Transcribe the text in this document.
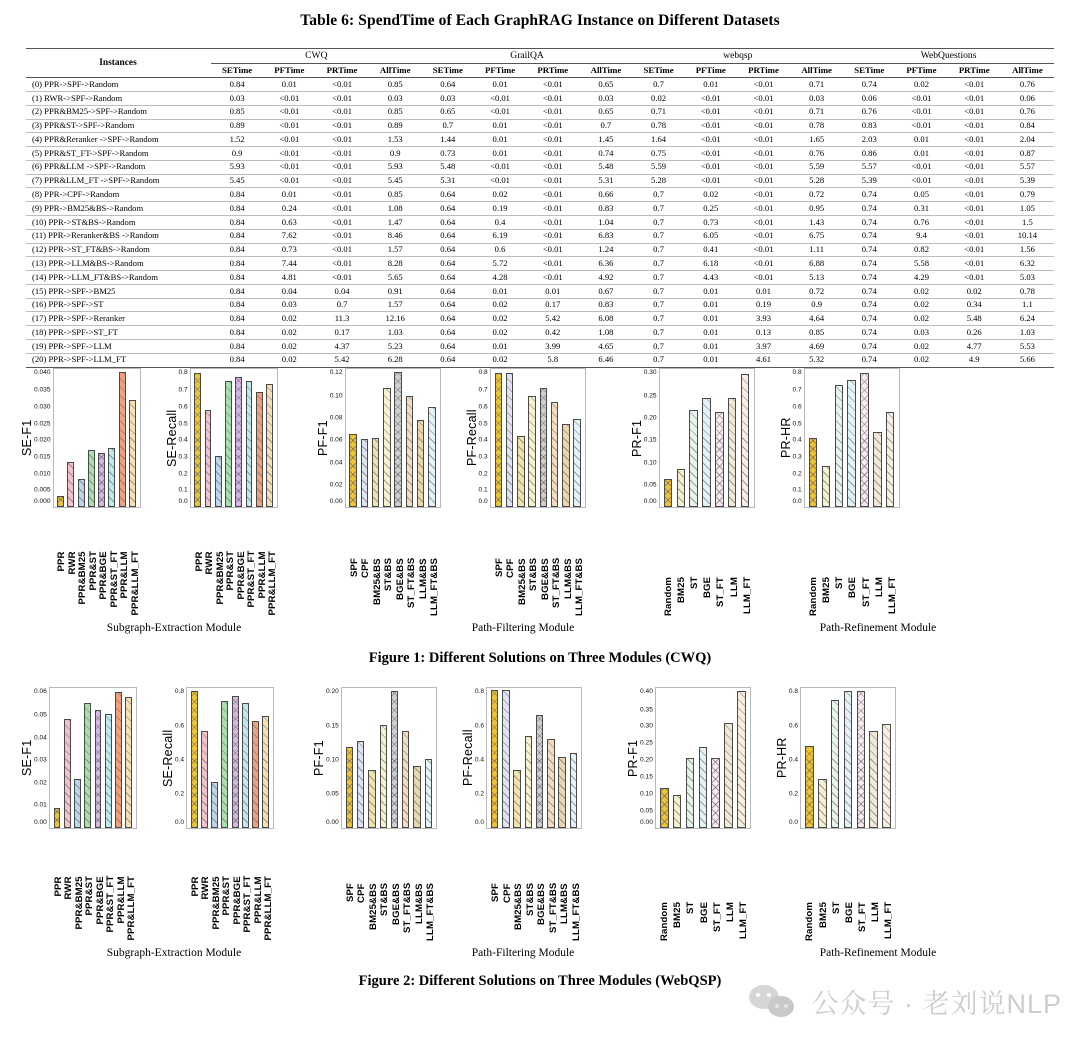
Table 6: SpendTime of Each GraphRAG Instance on Different Datasets
Instances	CWQ				GrailQA				webqsp				WebQuestions			
	SETime	PFTime	PRTime	AllTime	SETime	PFTime	PRTime	AllTime	SETime	PFTime	PRTime	AllTime	SETime	PFTime	PRTime	AllTime
(0) PPR->SPF->Random	0.84	0.01	<0.01	0.85	0.64	0.01	<0.01	0.65	0.7	0.01	<0.01	0.71	0.74	0.02	<0.01	0.76
(1) RWR->SPF->Random	0.03	<0.01	<0.01	0.03	0.03	<0.01	<0.01	0.03	0.02	<0.01	<0.01	0.03	0.06	<0.01	<0.01	0.06
(2) PPR&BM25->SPF->Random	0.85	<0.01	<0.01	0.85	0.65	<0.01	<0.01	0.65	0.71	<0.01	<0.01	0.71	0.76	<0.01	<0.01	0.76
(3) PPR&ST->SPF->Random	0.89	<0.01	<0.01	0.89	0.7	0.01	<0.01	0.7	0.78	<0.01	<0.01	0.78	0.83	<0.01	<0.01	0.84
(4) PPR&Reranker ->SPF->Random	1.52	<0.01	<0.01	1.53	1.44	0.01	<0.01	1.45	1.64	<0.01	<0.01	1.65	2.03	0.01	<0.01	2.04
(5) PPR&ST_FT->SPF->Random	0.9	<0.01	<0.01	0.9	0.73	0.01	<0.01	0.74	0.75	<0.01	<0.01	0.76	0.86	0.01	<0.01	0.87
(6) PPR&LLM ->SPF->Random	5.93	<0.01	<0.01	5.93	5.48	<0.01	<0.01	5.48	5.59	<0.01	<0.01	5.59	5.57	<0.01	<0.01	5.57
(7) PPR&LLM_FT ->SPF->Random	5.45	<0.01	<0.01	5.45	5.31	<0.01	<0.01	5.31	5.28	<0.01	<0.01	5.28	5.39	<0.01	<0.01	5.39
(8) PPR->CPF->Random	0.84	0.01	<0.01	0.85	0.64	0.02	<0.01	0.66	0.7	0.02	<0.01	0.72	0.74	0.05	<0.01	0.79
(9) PPR->BM25&BS->Random	0.84	0.24	<0.01	1.08	0.64	0.19	<0.01	0.83	0.7	0.25	<0.01	0.95	0.74	0.31	<0.01	1.05
(10) PPR->ST&BS->Random	0.84	0.63	<0.01	1.47	0.64	0.4	<0.01	1.04	0.7	0.73	<0.01	1.43	0.74	0.76	<0.01	1.5
(11) PPR->Reranker&BS ->Random	0.84	7.62	<0.01	8.46	0.64	6.19	<0.01	6.83	0.7	6.05	<0.01	6.75	0.74	9.4	<0.01	10.14
(12) PPR->ST_FT&BS->Random	0.84	0.73	<0.01	1.57	0.64	0.6	<0.01	1.24	0.7	0.41	<0.01	1.11	0.74	0.82	<0.01	1.56
(13) PPR->LLM&BS->Random	0.84	7.44	<0.01	8.28	0.64	5.72	<0.01	6.36	0.7	6.18	<0.01	6.88	0.74	5.58	<0.01	6.32
(14) PPR->LLM_FT&BS->Random	0.84	4.81	<0.01	5.65	0.64	4.28	<0.01	4.92	0.7	4.43	<0.01	5.13	0.74	4.29	<0.01	5.03
(15) PPR->SPF->BM25	0.84	0.04	0.04	0.91	0.64	0.01	0.01	0.67	0.7	0.01	0.01	0.72	0.74	0.02	0.02	0.78
(16) PPR->SPF->ST	0.84	0.03	0.7	1.57	0.64	0.02	0.17	0.83	0.7	0.01	0.19	0.9	0.74	0.02	0.34	1.1
(17) PPR->SPF->Reranker	0.84	0.02	11.3	12.16	0.64	0.02	5.42	6.08	0.7	0.01	3.93	4.64	0.74	0.02	5.48	6.24
(18) PPR->SPF->ST_FT	0.84	0.02	0.17	1.03	0.64	0.02	0.42	1.08	0.7	0.01	0.13	0.85	0.74	0.03	0.26	1.03
(19) PPR->SPF->LLM	0.84	0.02	4.37	5.23	0.64	0.01	3.99	4.65	0.7	0.01	3.97	4.69	0.74	0.02	4.77	5.53
(20) PPR->SPF->LLM_FT	0.84	0.02	5.42	6.28	0.64	0.02	5.8	6.46	0.7	0.01	4.61	5.32	0.74	0.02	4.9	5.66
SE-F1
0.040
0.035
0.030
0.025
0.020
0.015
0.010
0.005
0.000
PPR RWR PPR&BM25 PPR&ST PPR&BGE PPR&ST_FT PPR&LLM PPR&LLM_FT
SE-Recall
0.8
0.7
0.6
0.5
0.4
0.3
0.2
0.1
0.0
PPR RWR PPR&BM25 PPR&ST PPR&BGE PPR&ST_FT PPR&LLM PPR&LLM_FT
PF-F1
0.12
0.10
0.08
0.06
0.04
0.02
0.00
SPF CPF BM25&BS ST&BS BGE&BS ST_FT&BS LLM&BS LLM_FT&BS
PF-Recall
0.8
0.7
0.6
0.5
0.4
0.3
0.2
0.1
0.0
SPF CPF BM25&BS ST&BS BGE&BS ST_FT&BS LLM&BS LLM_FT&BS
PR-F1
0.30
0.25
0.20
0.15
0.10
0.05
0.00
Random BM25 ST BGE ST_FT LLM LLM_FT
PR-HR
0.8
0.7
0.6
0.5
0.4
0.3
0.2
0.1
0.0
Random BM25 ST BGE ST_FT LLM LLM_FT
Subgraph-Extraction Module	Path-Filtering Module	Path-Refinement Module
Figure 1: Different Solutions on Three Modules (CWQ)
SE-F1
0.06
0.05
0.04
0.03
0.02
0.01
0.00
PPR RWR PPR&BM25 PPR&ST PPR&BGE PPR&ST_FT PPR&LLM PPR&LLM_FT
SE-Recall
0.8
0.6
0.4
0.2
0.0
PPR RWR PPR&BM25 PPR&ST PPR&BGE PPR&ST_FT PPR&LLM PPR&LLM_FT
PF-F1
0.20
0.15
0.10
0.05
0.00
SPF CPF BM25&BS ST&BS BGE&BS ST_FT&BS LLM&BS LLM_FT&BS
PF-Recall
0.8
0.6
0.4
0.2
0.0
SPF CPF BM25&BS ST&BS BGE&BS ST_FT&BS LLM&BS LLM_FT&BS
PR-F1
0.40
0.35
0.30
0.25
0.20
0.15
0.10
0.05
0.00
Random BM25 ST BGE ST_FT LLM LLM_FT
PR-HR
0.8
0.6
0.4
0.2
0.0
Random BM25 ST BGE ST_FT LLM LLM_FT
Subgraph-Extraction Module	Path-Filtering Module	Path-Refinement Module
Figure 2: Different Solutions on Three Modules (WebQSP)
公众号 · 老刘说NLP
